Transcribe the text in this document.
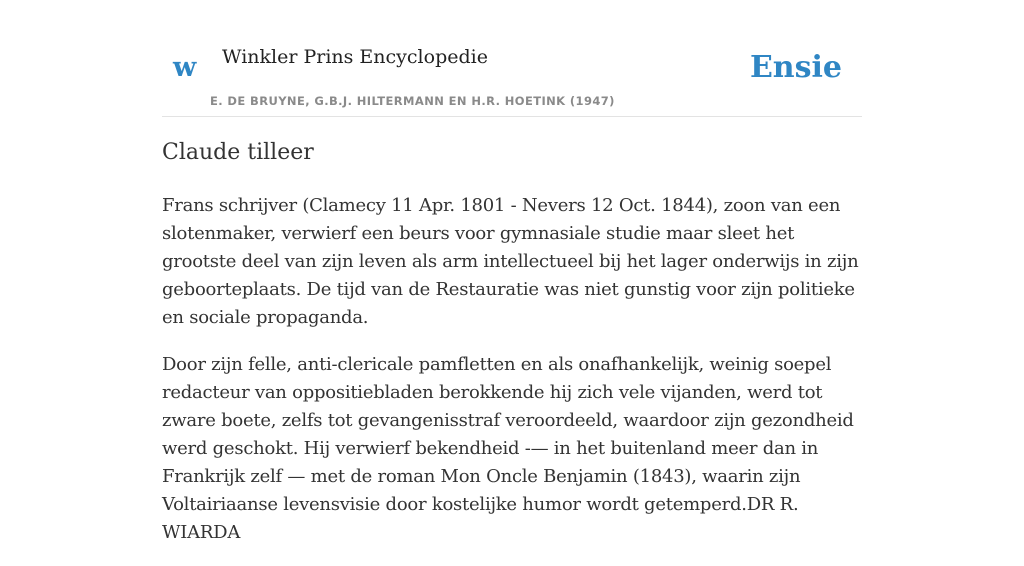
w Winkler Prins Encyclopedie
E. DE BRUYNE, G.B.J. HILTERMANN EN H.R. HOETINK (1947)
Ensie
Claude tilleer

Frans schrijver (Clamecy 11 Apr. 1801 - Nevers 12 Oct. 1844), zoon van een slotenmaker, verwierf een beurs voor gymnasiale studie maar sleet het grootste deel van zijn leven als arm intellectueel bij het lager onderwijs in zijn geboorteplaats. De tijd van de Restauratie was niet gunstig voor zijn politieke en sociale propaganda.

Door zijn felle, anti-clericale pamfletten en als onafhankelijk, weinig soepel redacteur van oppositiebladen berokkende hij zich vele vijanden, werd tot zware boete, zelfs tot gevangenisstraf veroordeeld, waardoor zijn gezondheid werd geschokt. Hij verwierf bekendheid -— in het buitenland meer dan in Frankrijk zelf — met de roman Mon Oncle Benjamin (1843), waarin zijn Voltairiaanse levensvisie door kostelijke humor wordt getemperd.DR R. WIARDA
